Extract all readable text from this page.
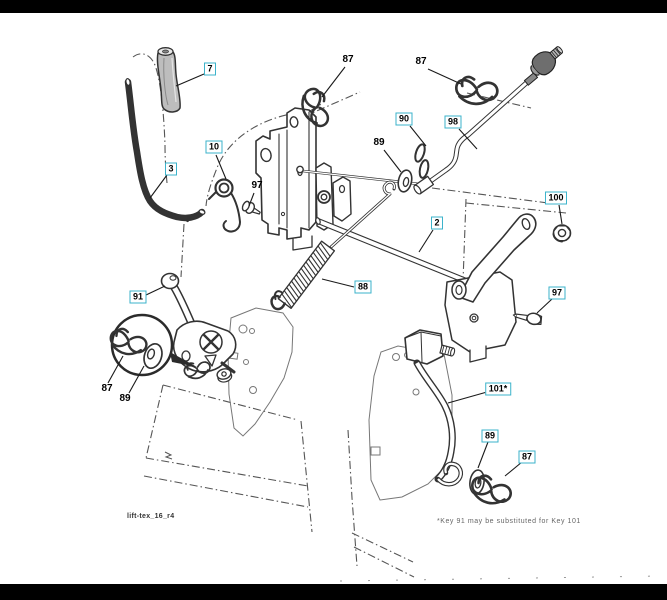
7
3
10
97
87	87
90	98
89
100
2
88
97
91
87
89
101*
89
87
lift-tex_16_r4
*Key 91 may be substituted for Key 101
